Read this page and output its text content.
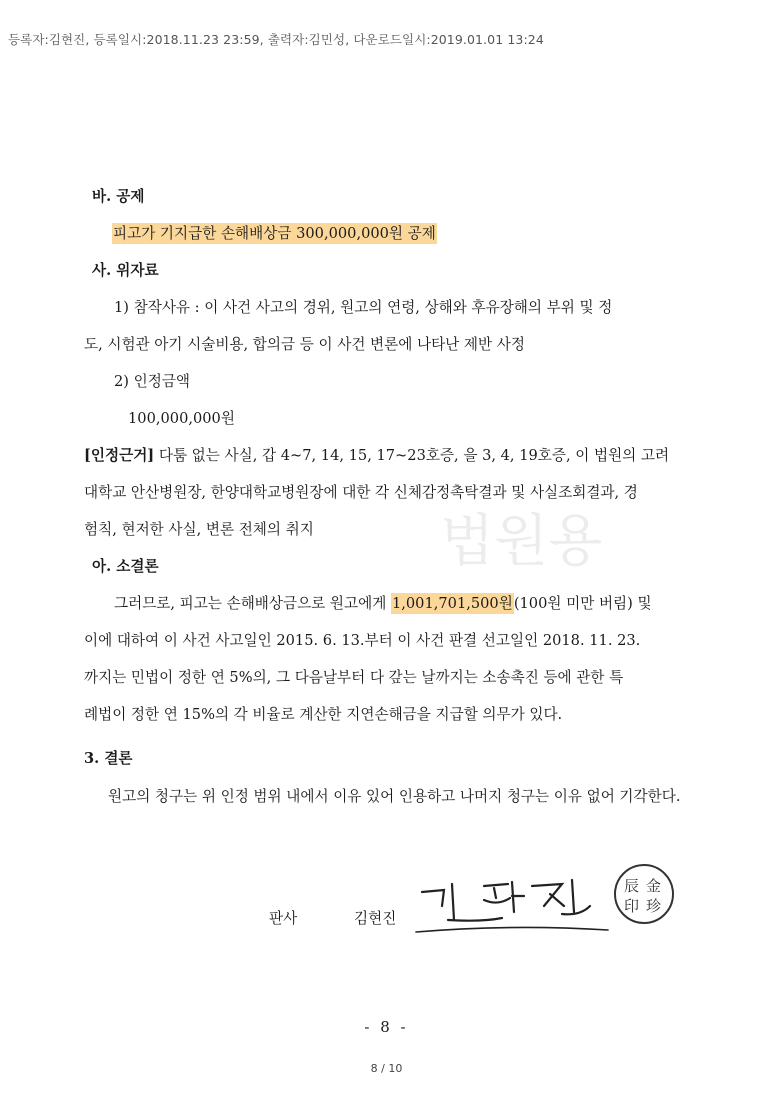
등록자:김현진, 등록일시:2018.11.23 23:59, 출력자:김민성, 다운로드일시:2019.01.01 13:24
법원용
바. 공제
피고가 기지급한 손해배상금 300,000,000원 공제
사. 위자료
1) 참작사유 : 이 사건 사고의 경위, 원고의 연령, 상해와 후유장해의 부위 및 정
도, 시험관 아기 시술비용, 합의금 등 이 사건 변론에 나타난 제반 사정
2) 인정금액
100,000,000원
[인정근거] 다툼 없는 사실, 갑 4~7, 14, 15, 17~23호증, 을 3, 4, 19호증, 이 법원의 고려
대학교 안산병원장, 한양대학교병원장에 대한 각 신체감정촉탁결과 및 사실조회결과, 경
험칙, 현저한 사실, 변론 전체의 취지
아. 소결론
그러므로, 피고는 손해배상금으로 원고에게 1,001,701,500원(100원 미만 버림) 및
이에 대하여 이 사건 사고일인 2015. 6. 13.부터 이 사건 판결 선고일인 2018. 11. 23.
까지는 민법이 정한 연 5%의, 그 다음날부터 다 갚는 날까지는 소송촉진 등에 관한 특
례법이 정한 연 15%의 각 비율로 계산한 지연손해금을 지급할 의무가 있다.
3. 결론
원고의 청구는 위 인정 범위 내에서 이유 있어 인용하고 나머지 청구는 이유 없어 기각한다.
판사	김현진
辰 金
印 珍
- 8 -
8 / 10
